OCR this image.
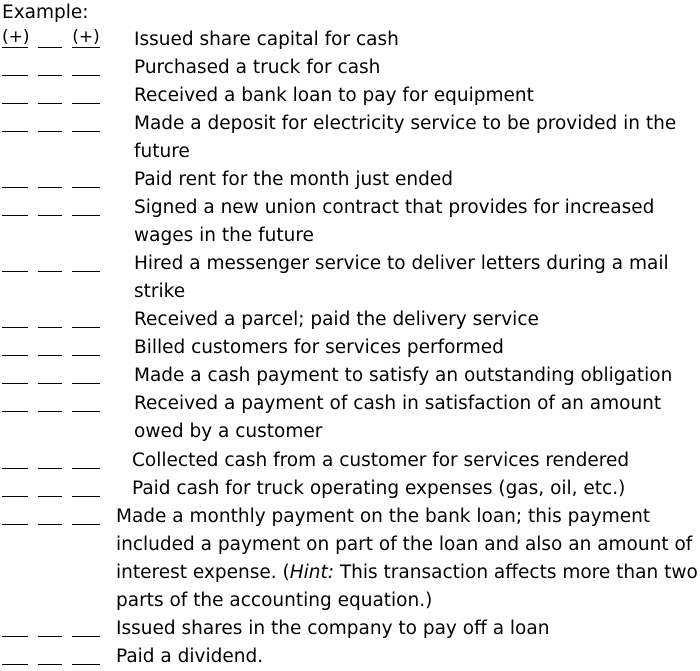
Example:
(+)	(+) Issued share capital for cash
Purchased a truck for cash
Received a bank loan to pay for equipment
Made a deposit for electricity service to be provided in the
future
Paid rent for the month just ended
Signed a new union contract that provides for increased
wages in the future
Hired a messenger service to deliver letters during a mail
strike
Received a parcel; paid the delivery service
Billed customers for services performed
Made a cash payment to satisfy an outstanding obligation
Received a payment of cash in satisfaction of an amount
owed by a customer
Collected cash from a customer for services rendered
Paid cash for truck operating expenses (gas, oil, etc.)
Made a monthly payment on the bank loan; this payment
included a payment on part of the loan and also an amount of
interest expense. (Hint: This transaction affects more than two
parts of the accounting equation.)
Issued shares in the company to pay off a loan
Paid a dividend.
